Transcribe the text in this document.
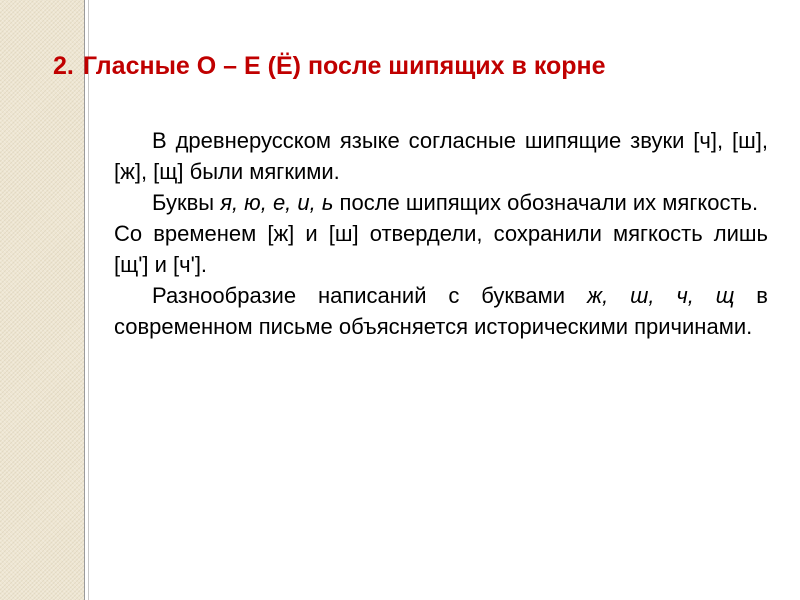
2. Гласные О – Е (Ё) после шипящих в корне

В древнерусском языке согласные шипящие звуки [ч], [ш], [ж], [щ] были мягкими.

Буквы я, ю, е, и, ь после шипящих обозначали их мягкость.

Со временем [ж] и [ш] отвердели, сохранили мягкость лишь [щ'] и [ч'].

Разнообразие написаний с буквами ж, ш, ч, щ в современном письме объясняется историческими причинами.
